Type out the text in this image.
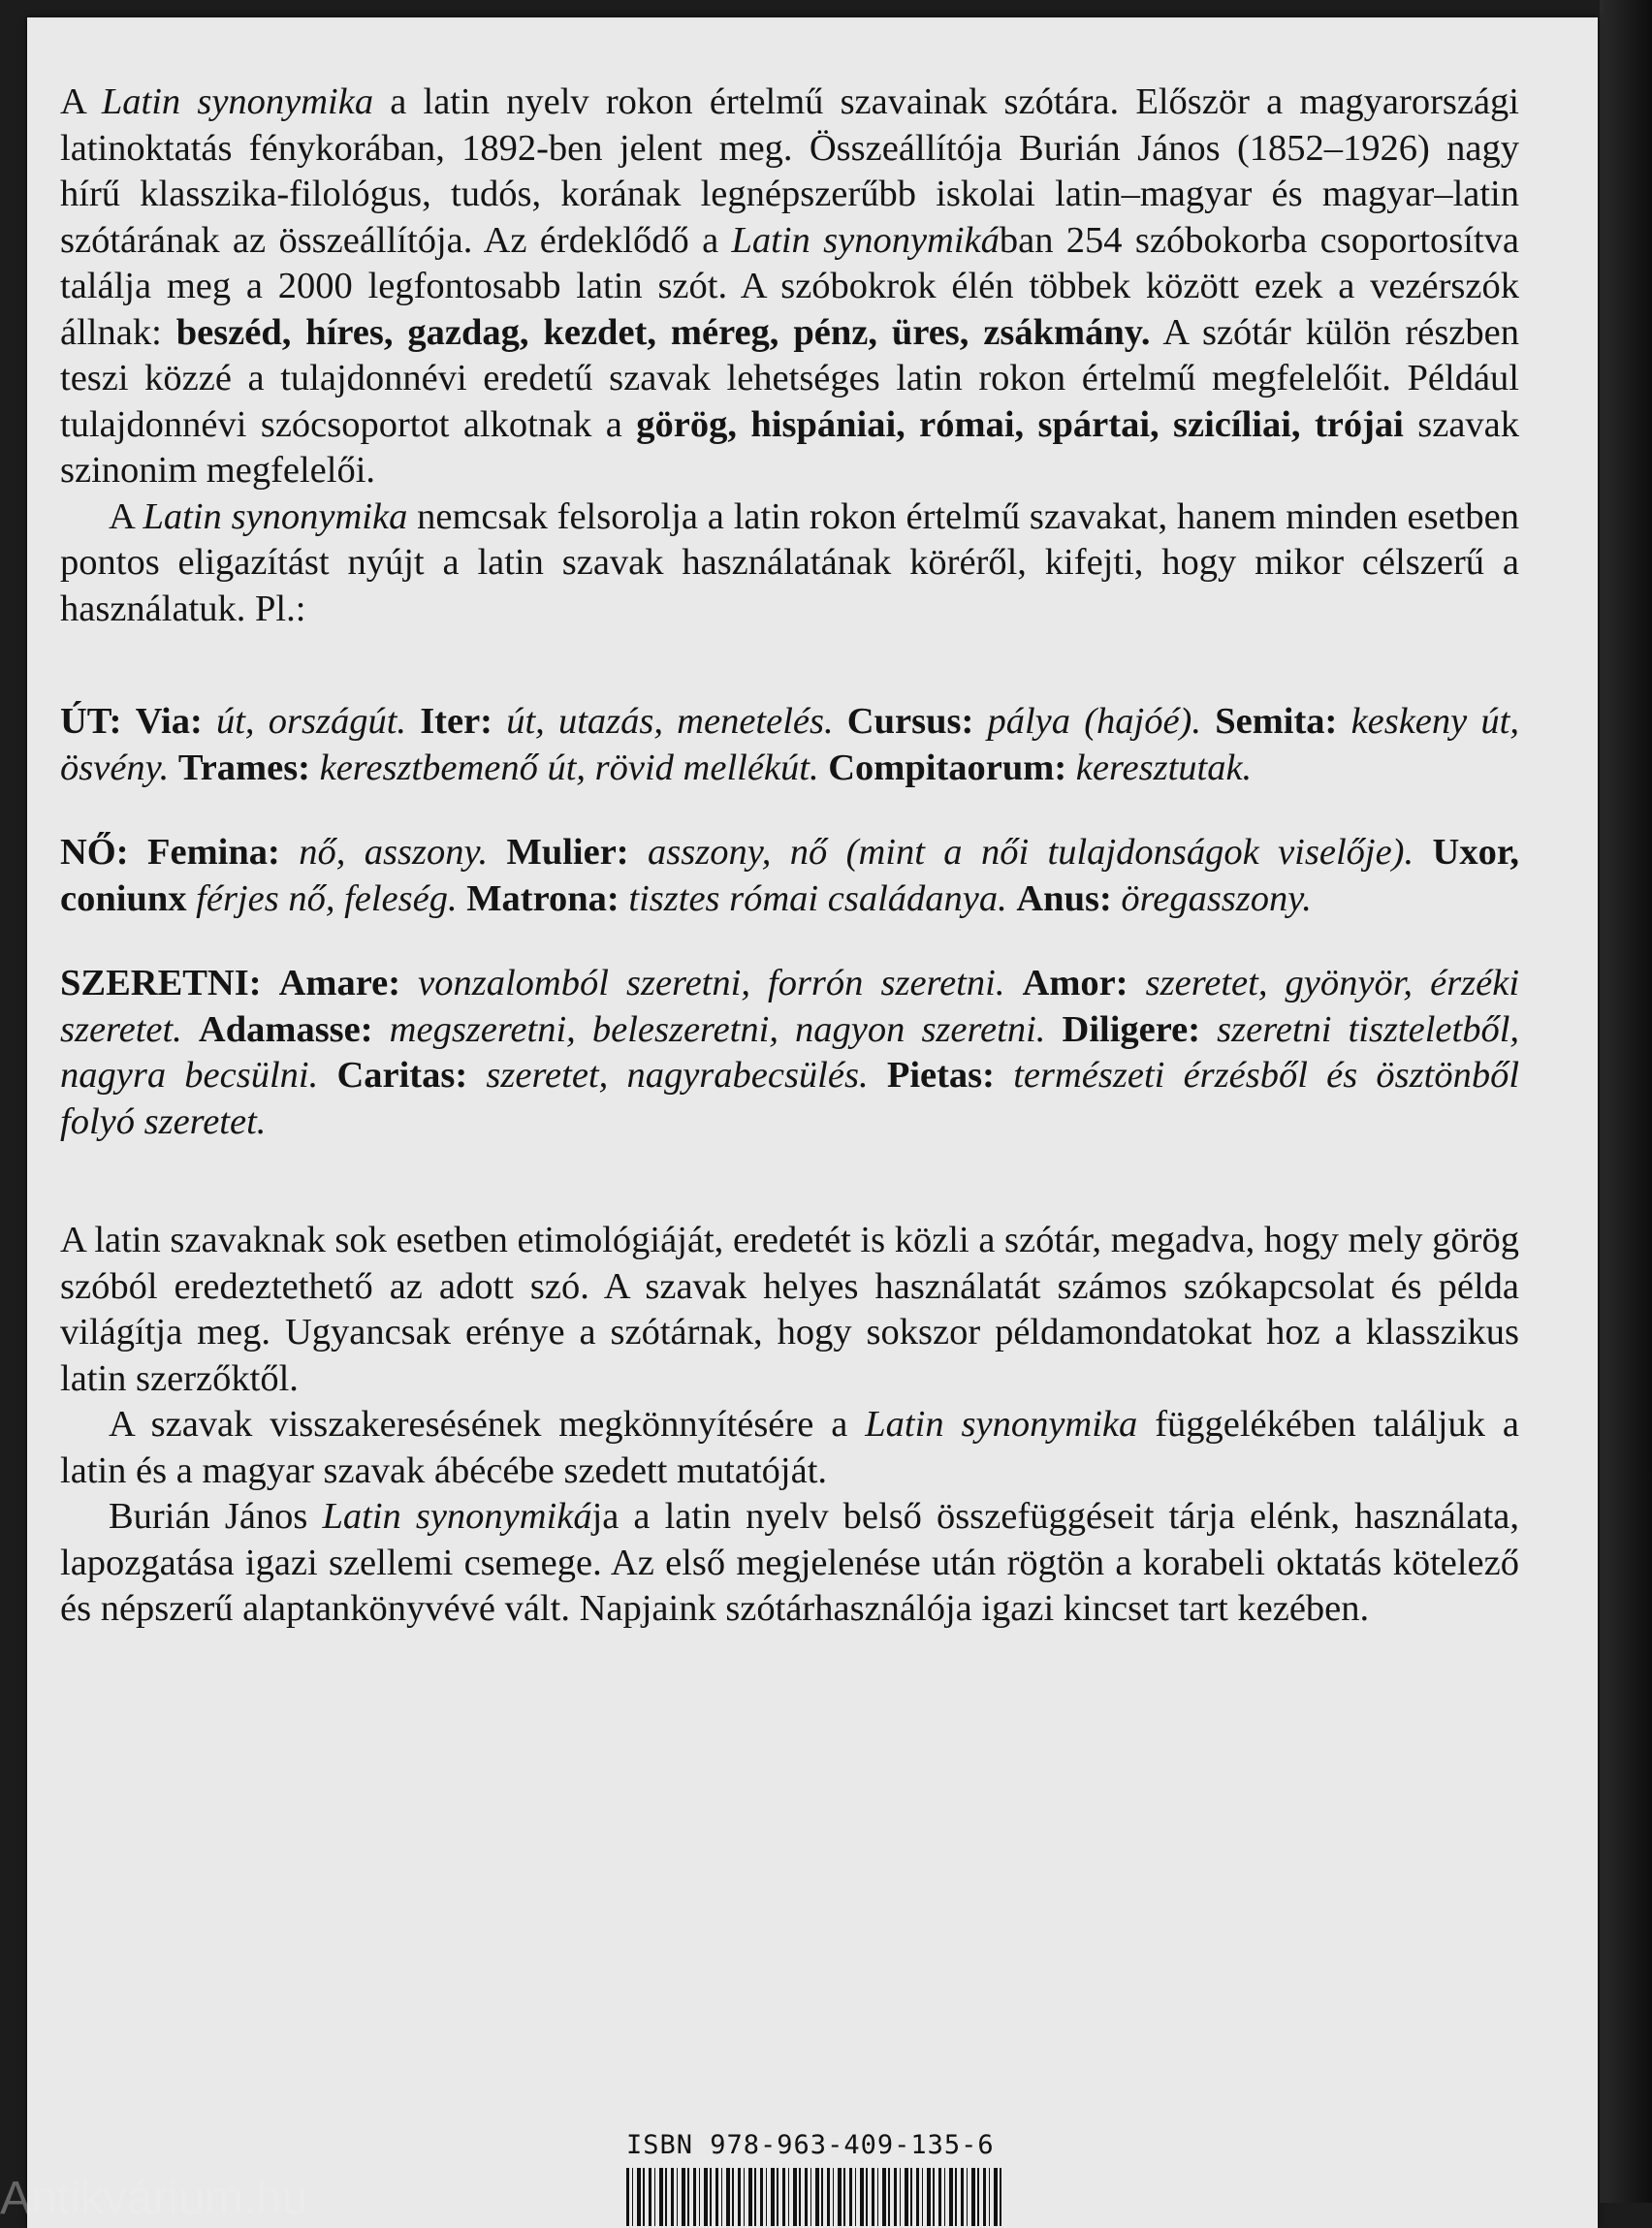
A Latin synonymika a latin nyelv rokon értelmű szavainak szótára. Először a magyarországi latinoktatás fénykorában, 1892-ben jelent meg. Összeállítója Burián János (1852–1926) nagy hírű klasszika-filológus, tudós, korának legnépszerűbb iskolai latin–magyar és magyar–latin szótárának az összeállítója. Az érdeklődő a Latin synonymikában 254 szóbokorba csoportosítva találja meg a 2000 legfontosabb latin szót. A szóbokrok élén többek között ezek a vezérszók állnak: beszéd, híres, gazdag, kezdet, méreg, pénz, üres, zsákmány. A szótár külön részben teszi közzé a tulajdonnévi eredetű szavak lehetséges latin rokon értelmű megfelelőit. Például tulajdonnévi szócsoportot alkotnak a görög, hispániai, római, spártai, szicíliai, trójai szavak szinonim megfelelői.

A Latin synonymika nemcsak felsorolja a latin rokon értelmű szavakat, hanem minden esetben pontos eligazítást nyújt a latin szavak használatának köréről, kifejti, hogy mikor célszerű a használatuk. Pl.:

ÚT: Via: út, országút. Iter: út, utazás, menetelés. Cursus: pálya (hajóé). Semita: keskeny út, ösvény. Trames: keresztbemenő út, rövid mellékút. Compitaorum: keresztutak.

NŐ: Femina: nő, asszony. Mulier: asszony, nő (mint a női tulajdonságok viselője). Uxor, coniunx férjes nő, feleség. Matrona: tisztes római családanya. Anus: öregasszony.

SZERETNI: Amare: vonzalomból szeretni, forrón szeretni. Amor: szeretet, gyönyör, érzéki szeretet. Adamasse: megszeretni, beleszeretni, nagyon szeretni. Diligere: szeretni tiszteletből, nagyra becsülni. Caritas: szeretet, nagyrabecsülés. Pietas: természeti érzésből és ösztönből folyó szeretet.

A latin szavaknak sok esetben etimológiáját, eredetét is közli a szótár, megadva, hogy mely görög szóból eredeztethető az adott szó. A szavak helyes használatát számos szókapcsolat és példa világítja meg. Ugyancsak erénye a szótárnak, hogy sokszor példamondatokat hoz a klasszikus latin szerzőktől.

A szavak visszakeresésének megkönnyítésére a Latin synonymika függelékében találjuk a latin és a magyar szavak ábécébe szedett mutatóját.

Burián János Latin synonymikája a latin nyelv belső összefüggéseit tárja elénk, használata, lapozgatása igazi szellemi csemege. Az első megjelenése után rögtön a korabeli oktatás kötelező és népszerű alaptankönyvévé vált. Napjaink szótárhasználója igazi kincset tart kezében.

ISBN 978-963-409-135-6
Antikvárium.hu
